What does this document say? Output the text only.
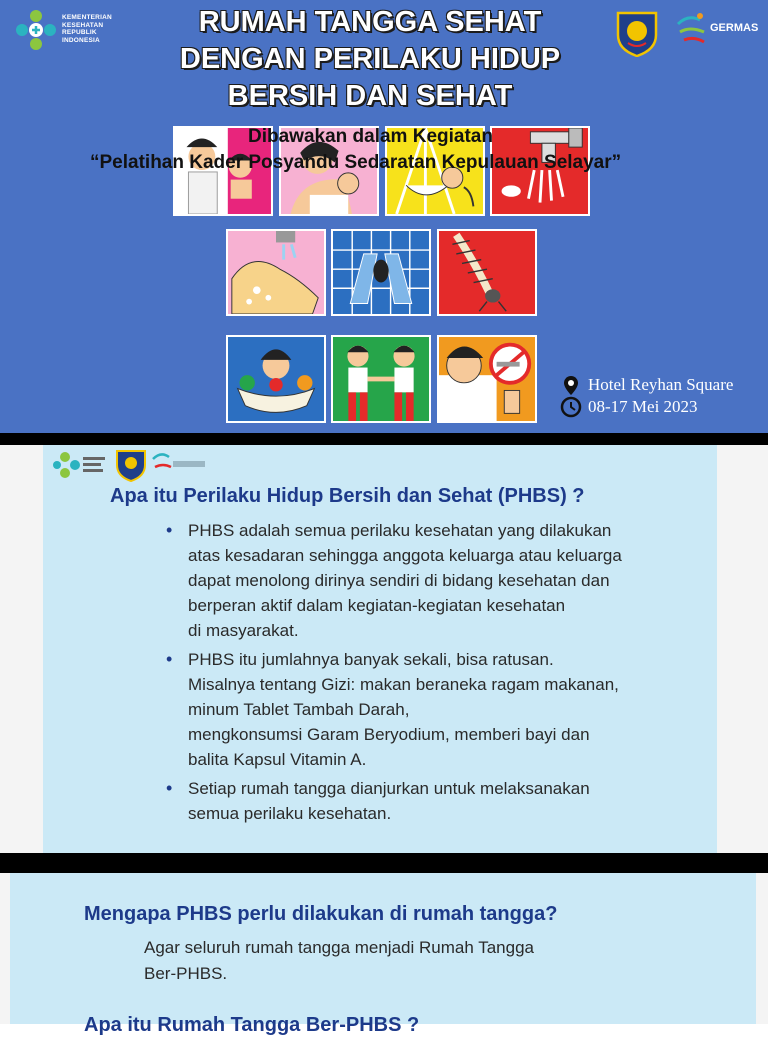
KEMENTERIAN
KESEHATAN
REPUBLIK
INDONESIA
RUMAH TANGGA SEHAT
DENGAN PERILAKU HIDUP
BERSIH DAN SEHAT
GERMAS
Dibawakan dalam Kegiatan
“Pelatihan Kader Posyandu Sedaratan Kepulauan Selayar”
Hotel Reyhan Square
08-17 Mei 2023
Apa itu Perilaku Hidup Bersih dan Sehat (PHBS) ?
• PHBS adalah semua perilaku kesehatan yang dilakukan
atas kesadaran sehingga anggota keluarga atau keluarga
dapat menolong dirinya sendiri di bidang kesehatan dan
berperan aktif dalam kegiatan-kegiatan kesehatan
di masyarakat.
• PHBS itu jumlahnya banyak sekali, bisa ratusan.
Misalnya tentang Gizi: makan beraneka ragam makanan,
minum Tablet Tambah Darah,
mengkonsumsi Garam Beryodium, memberi bayi dan
balita Kapsul Vitamin A.
• Setiap rumah tangga dianjurkan untuk melaksanakan
semua perilaku kesehatan.
Mengapa PHBS perlu dilakukan di rumah tangga?
Agar seluruh rumah tangga menjadi Rumah Tangga
Ber-PHBS.
Apa itu Rumah Tangga Ber-PHBS ?
